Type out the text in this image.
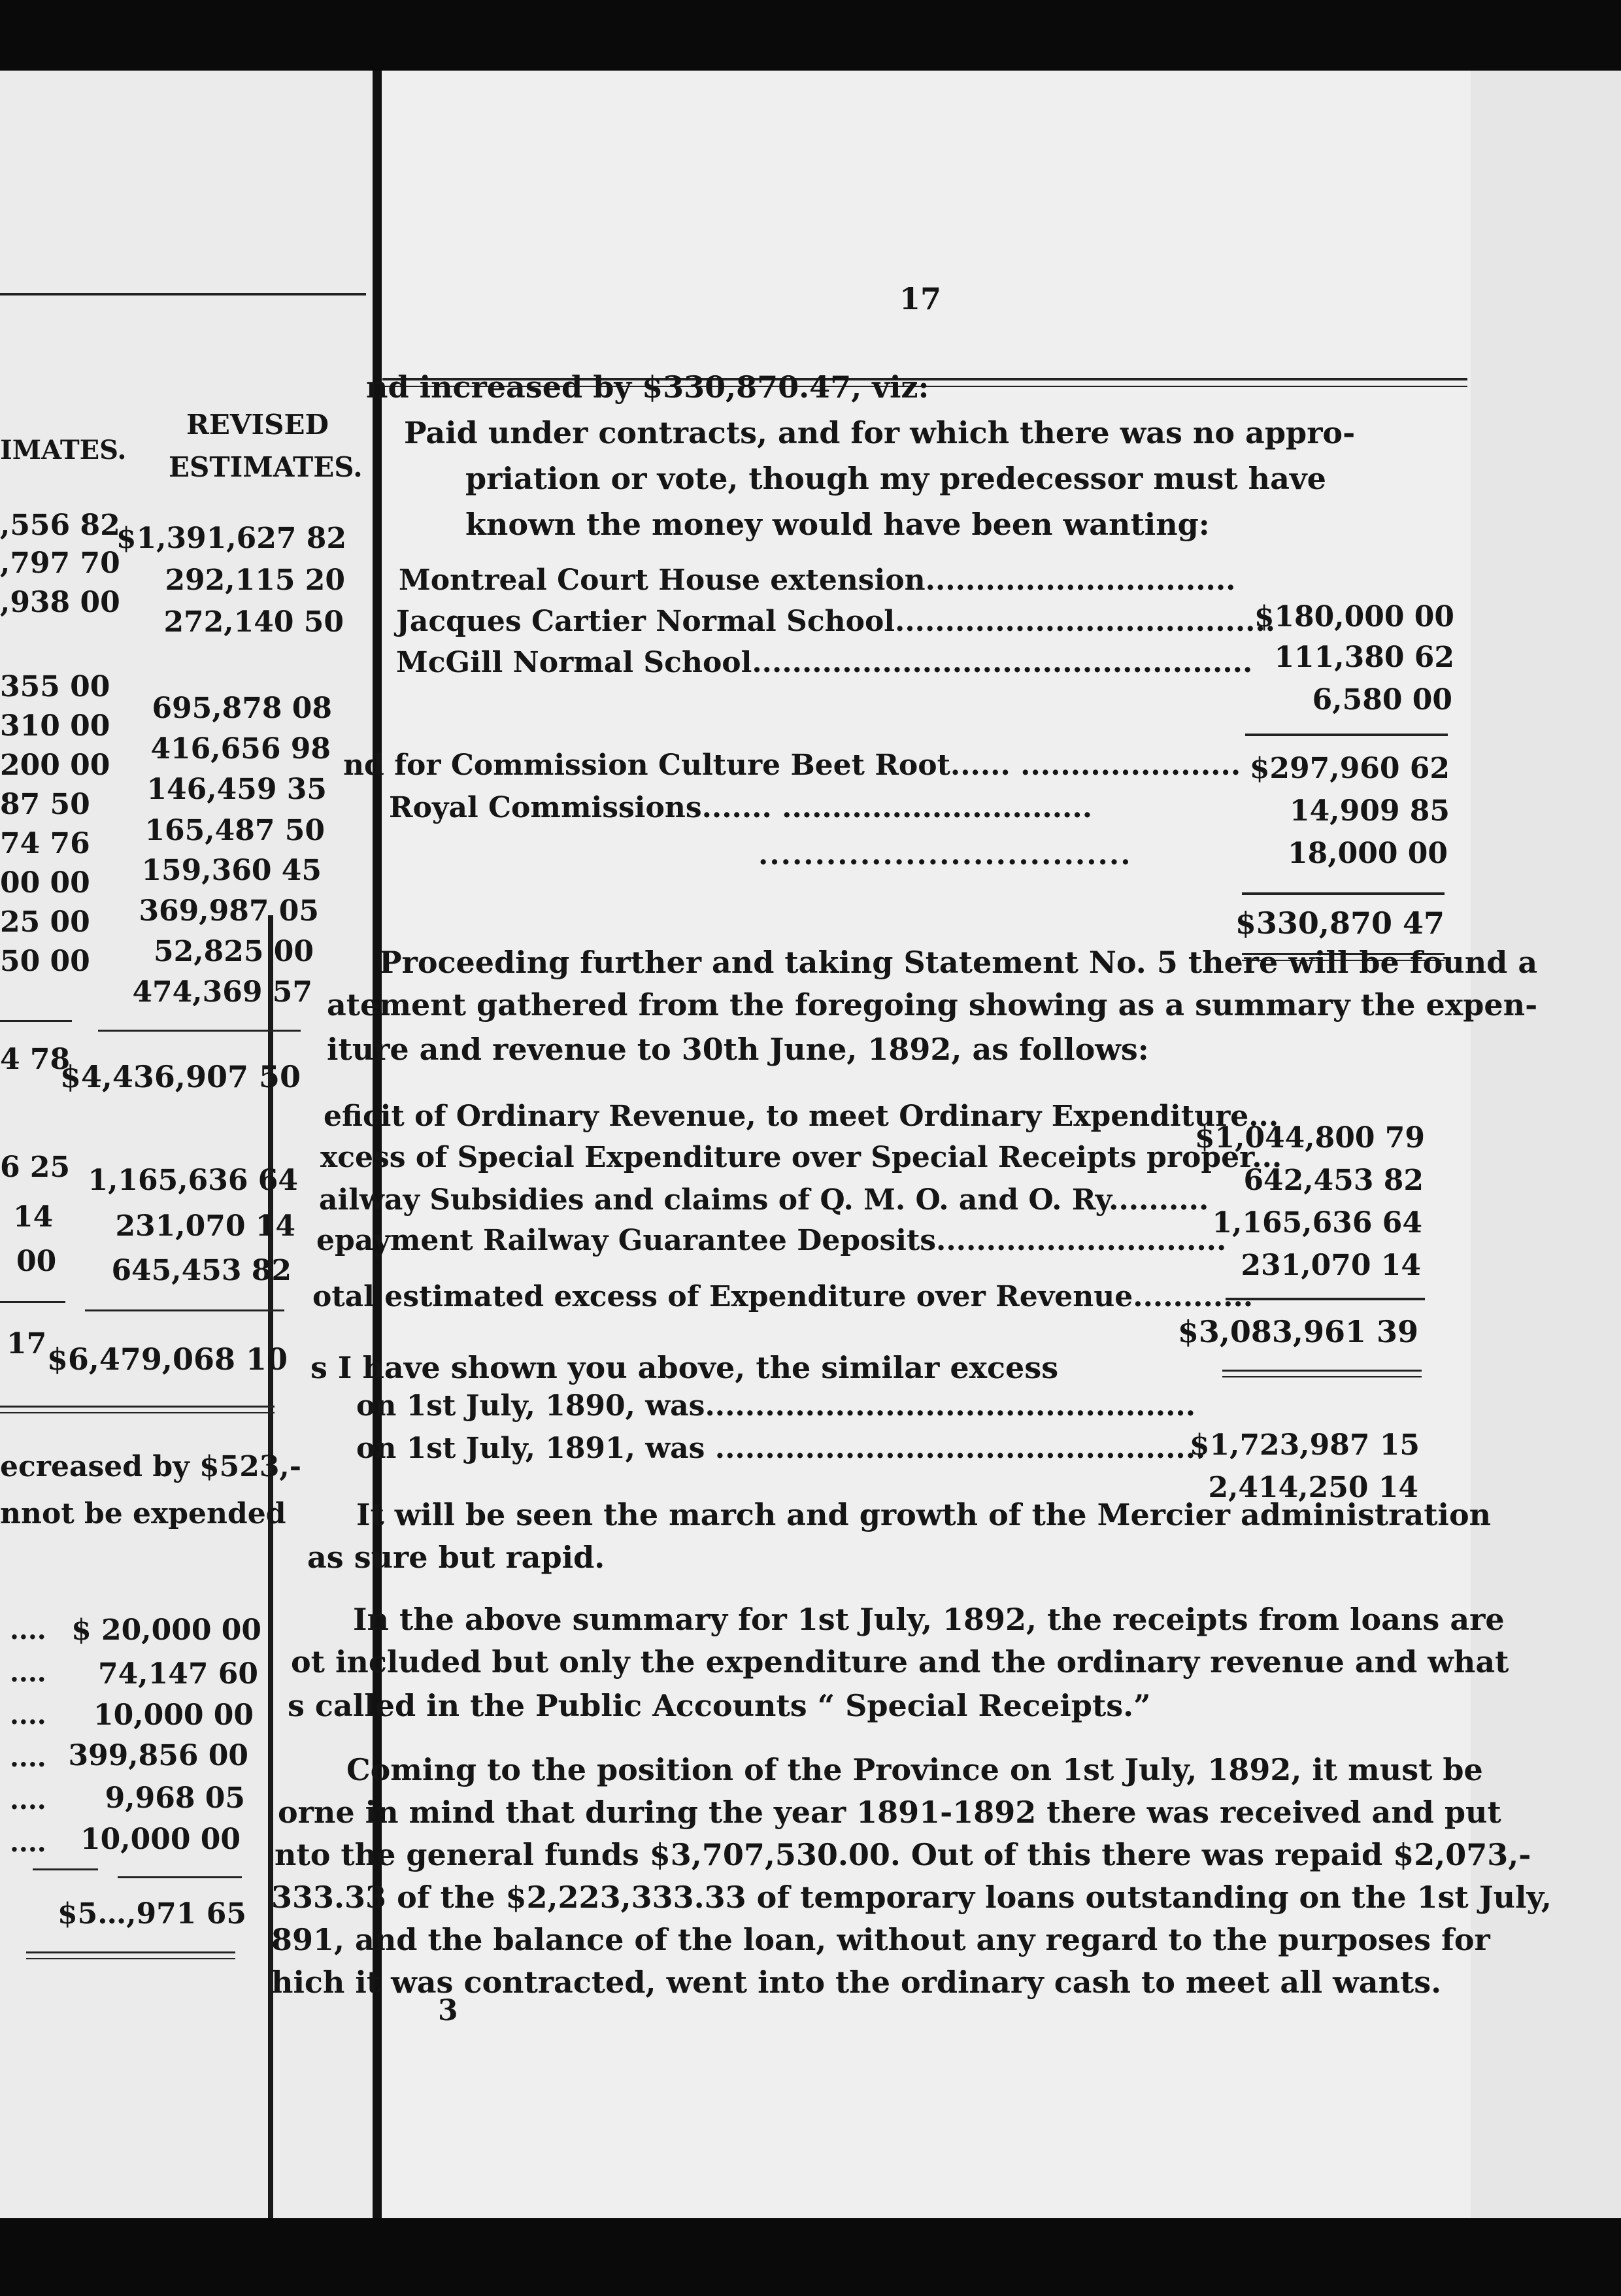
17
IMATES.
REVISED
ESTIMATES.
,556 82
$1,391,627 82
,797 70
292,115 20
,938 00
272,140 50
355 00
695,878 08
310 00
416,656 98
200 00
146,459 35
87 50
165,487 50
74 76
159,360 45
00 00
369,987 05
25 00
52,825 00
50 00
474,369 57
4 78
$4,436,907 50
6 25 1,165,636 64
14 231,070 14
00 645,453 82
17 $6,479,068 10
ecreased by $523,-
nnot be expended
.... $ 20,000 00
.... 74,147 60
.... 10,000 00
.... 399,856 00
.... 9,968 05
.... 10,000 00
$5…,971 65
nd increased by $330,870.47, viz:
Paid under contracts, and for which there was no appro-
priation or vote, though my predecessor must have
known the money would have been wanting:
Montreal Court House extension...............................
$180,000 00
Jacques Cartier Normal School......................................
111,380 62
McGill Normal School..................................................
6,580 00
nd for Commission Culture Beet Root...... ...................... $297,960 62
Royal Commissions....... ...............................	14,909 85
.................................	18,000 00
$330,870 47
Proceeding further and taking Statement No. 5 there will be found a
atement gathered from the foregoing showing as a summary the expen-
iture and revenue to 30th June, 1892, as follows:
eficit of Ordinary Revenue, to meet Ordinary Expenditure...
$1,044,800 79
xcess of Special Expenditure over Special Receipts proper...
642,453 82
ailway Subsidies and claims of Q. M. O. and O. Ry..........
1,165,636 64
epayment Railway Guarantee Deposits.............................
231,070 14
otal estimated excess of Expenditure over Revenue............
$3,083,961 39
s I have shown you above, the similar excess
on 1st July, 1890, was.................................................
$1,723,987 15
on 1st July, 1891, was .................................................
2,414,250 14
It will be seen the march and growth of the Mercier administration
as sure but rapid.
In the above summary for 1st July, 1892, the receipts from loans are
ot included but only the expenditure and the ordinary revenue and what
s called in the Public Accounts “ Special Receipts.”
Coming to the position of the Province on 1st July, 1892, it must be
orne in mind that during the year 1891-1892 there was received and put
nto the general funds $3,707,530.00. Out of this there was repaid $2,073,-
333.33 of the $2,223,333.33 of temporary loans outstanding on the 1st July,
891, and the balance of the loan, without any regard to the purposes for
hich it was contracted, went into the ordinary cash to meet all wants.
3
